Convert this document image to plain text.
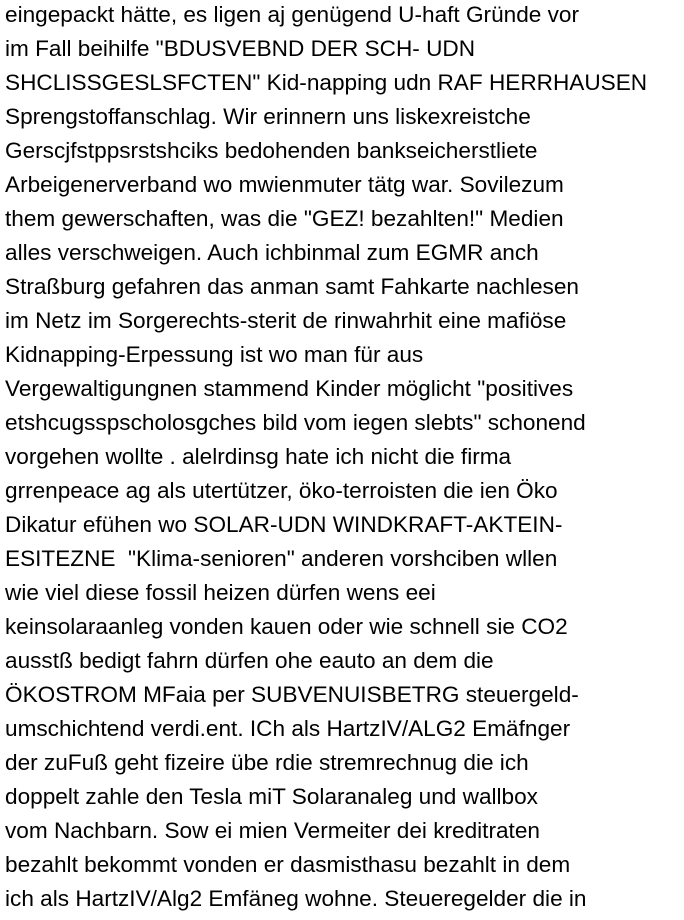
eingepackt hätte, es ligen aj genügend U-haft Gründe vor
im Fall beihilfe "BDUSVEBND DER SCH- UDN
SHCLISSGESLSFCTEN" Kid-napping udn RAF HERRHAUSEN
Sprengstoffanschlag. Wir erinnern uns liskexreistche
Gerscjfstppsrstshciks bedohenden bankseicherstliete
Arbeigenerverband wo mwienmuter tätg war. Sovilezum
them gewerschaften, was die "GEZ! bezahlten!" Medien
alles verschweigen. Auch ichbinmal zum EGMR anch
Straßburg gefahren das anman samt Fahkarte nachlesen
im Netz im Sorgerechts-sterit de rinwahrhit eine mafiöse
Kidnapping-Erpessung ist wo man für aus
Vergewaltigungnen stammend Kinder möglicht "positives
etshcugsspscholosgches bild vom iegen slebts" schonend
vorgehen wollte . alelrdinsg hate ich nicht die firma
grrenpeace ag als utertützer, öko-terroisten die ien Öko
Dikatur efühen wo SOLAR-UDN WINDKRAFT-AKTEIN-
ESITEZNE  "Klima-senioren" anderen vorshciben wllen
wie viel diese fossil heizen dürfen wens eei
keinsolaraanleg vonden kauen oder wie schnell sie CO2
ausstß bedigt fahrn dürfen ohe eauto an dem die
ÖKOSTROM MFaia per SUBVENUISBETRG steuergeld-
umschichtend verdi.ent. ICh als HartzIV/ALG2 Emäfnger
der zuFuß geht fizeire übe rdie stremrechnug die ich
doppelt zahle den Tesla miT Solaranaleg und wallbox
vom Nachbarn. Sow ei mien Vermeiter dei kreditraten
bezahlt bekommt vonden er dasmisthasu bezahlt in dem
ich als HartzIV/Alg2 Emfäneg wohne. Steueregelder die in
